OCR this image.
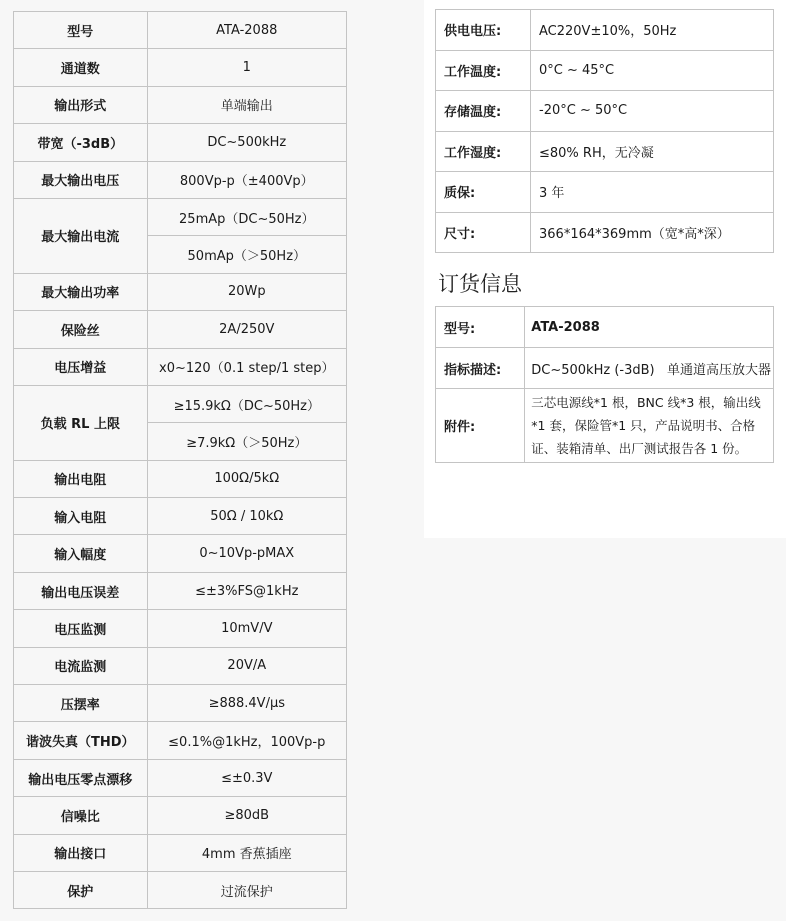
型号	ATA-2088
通道数	1
输出形式	单端输出
带宽（-3dB）	DC~500kHz
最大输出电压	800Vp-p（±400Vp）
最大输出电流	25mAp（DC~50Hz）
	50mAp（＞50Hz）
最大输出功率	20Wp
保险丝	2A/250V
电压增益	x0~120（0.1 step/1 step）
负载 RL 上限	≥15.9kΩ（DC~50Hz）
	≥7.9kΩ（＞50Hz）
输出电阻	100Ω/5kΩ
输入电阻	50Ω / 10kΩ
输入幅度	0~10Vp-pMAX
输出电压误差	≤±3%FS@1kHz
电压监测	10mV/V
电流监测	20V/A
压摆率	≥888.4V/μs
谐波失真（THD）	≤0.1%@1kHz，100Vp-p
输出电压零点漂移	≤±0.3V
信噪比	≥80dB
输出接口	4mm 香蕉插座
保护	过流保护
供电电压:	AC220V±10%，50Hz
工作温度:	0°C ~ 45°C
存储温度:	-20°C ~ 50°C
工作湿度:	≤80% RH，无冷凝
质保:	3 年
尺寸:	366*164*369mm（宽*高*深）
订货信息
型号:	ATA-2088
指标描述:	DC~500kHz (-3dB)   单通道高压放大器
附件:	三芯电源线*1 根，BNC 线*3 根，输出线*1 套，保险管*1 只，产品说明书、合格证、装箱清单、出厂测试报告各 1 份。
